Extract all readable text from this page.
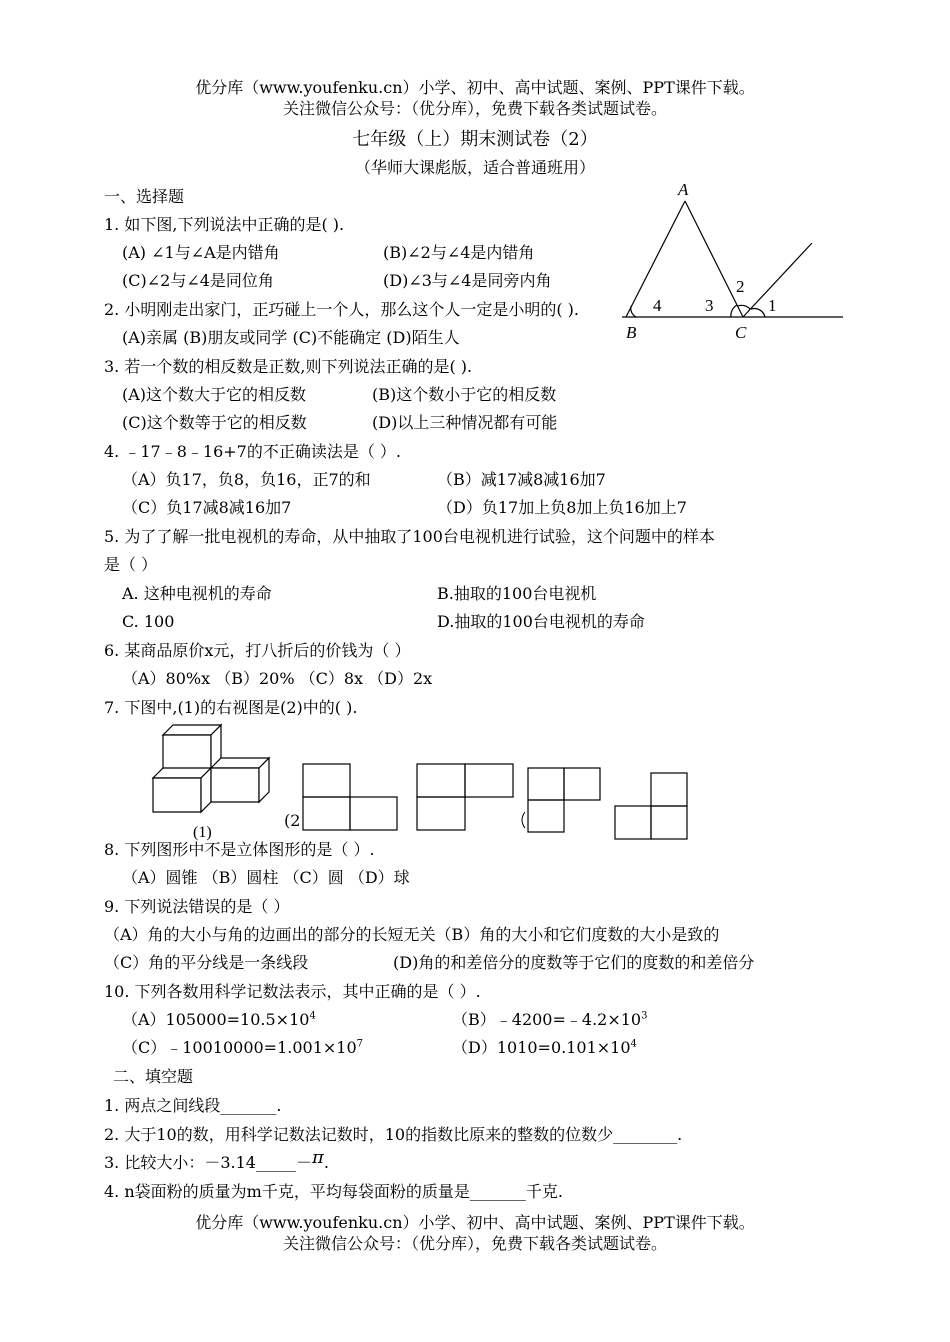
优分库（www.youfenku.cn）小学、初中、高中试题、案例、PPT课件下载。
关注微信公众号：（优分库），免费下载各类试题试卷。
七年级（上）期末测试卷（2）
（华师大课彪版，适合普通班用）
一、选择题
1. 如下图,下列说法中正确的是( ).
(A) ∠1与∠A是内错角	(B)∠2与∠4是内错角
(C)∠2与∠4是同位角	(D)∠3与∠4是同旁内角
A
B	C
1
2
3
4
2. 小明刚走出家门，正巧碰上一个人，那么这个人一定是小明的( ).
(A)亲属 (B)朋友或同学 (C)不能确定 (D)陌生人
3. 若一个数的相反数是正数,则下列说法正确的是( ).
(A)这个数大于它的相反数	(B)这个数小于它的相反数
(C)这个数等于它的相反数	(D)以上三种情况都有可能
4. ﹣17﹣8﹣16+7的不正确读法是（ ）.
（A）负17，负8，负16，正7的和	（B）减17减8减16加7
（C）负17减8减16加7	（D）负17加上负8加上负16加上7
5. 为了了解一批电视机的寿命，从中抽取了100台电视机进行试验，这个问题中的样本
是（ ）
A. 这种电视机的寿命	B.抽取的100台电视机
C. 100	D.抽取的100台电视机的寿命
6. 某商品原价x元，打八折后的价钱为（ ）
（A）80%x （B）20% （C）8x （D）2x
7. 下图中,(1)的右视图是(2)中的( ).
(1)
(2
8. 下列图形中不是立体图形的是（ ）.
（A）圆锥 （B）圆柱 （C）圆 （D）球
9. 下列说法错误的是（ ）
（A）角的大小与角的边画出的部分的长短无关（B）角的大小和它们度数的大小是致的
（C）角的平分线是一条线段	(D)角的和差倍分的度数等于它们的度数的和差倍分
10. 下列各数用科学记数法表示，其中正确的是（ ）.
$(A)105000=10.5\times 10^4$	$(B)﹣4200=﹣4.2\times 10^3$
$(C)﹣10010000=1.001\times 10^7$	$(D)1010=0.101\times 10^4$
二、填空题
1. 两点之间线段_______.
2. 大于10的数，用科学记数法记数时，10的指数比原来的整数的位数少________.
3. 比较大小：－3.14_____－π.
4. n袋面粉的质量为m千克，平均每袋面粉的质量是_______千克.
优分库（www.youfenku.cn）小学、初中、高中试题、案例、PPT课件下载。
关注微信公众号：（优分库），免费下载各类试题试卷。
